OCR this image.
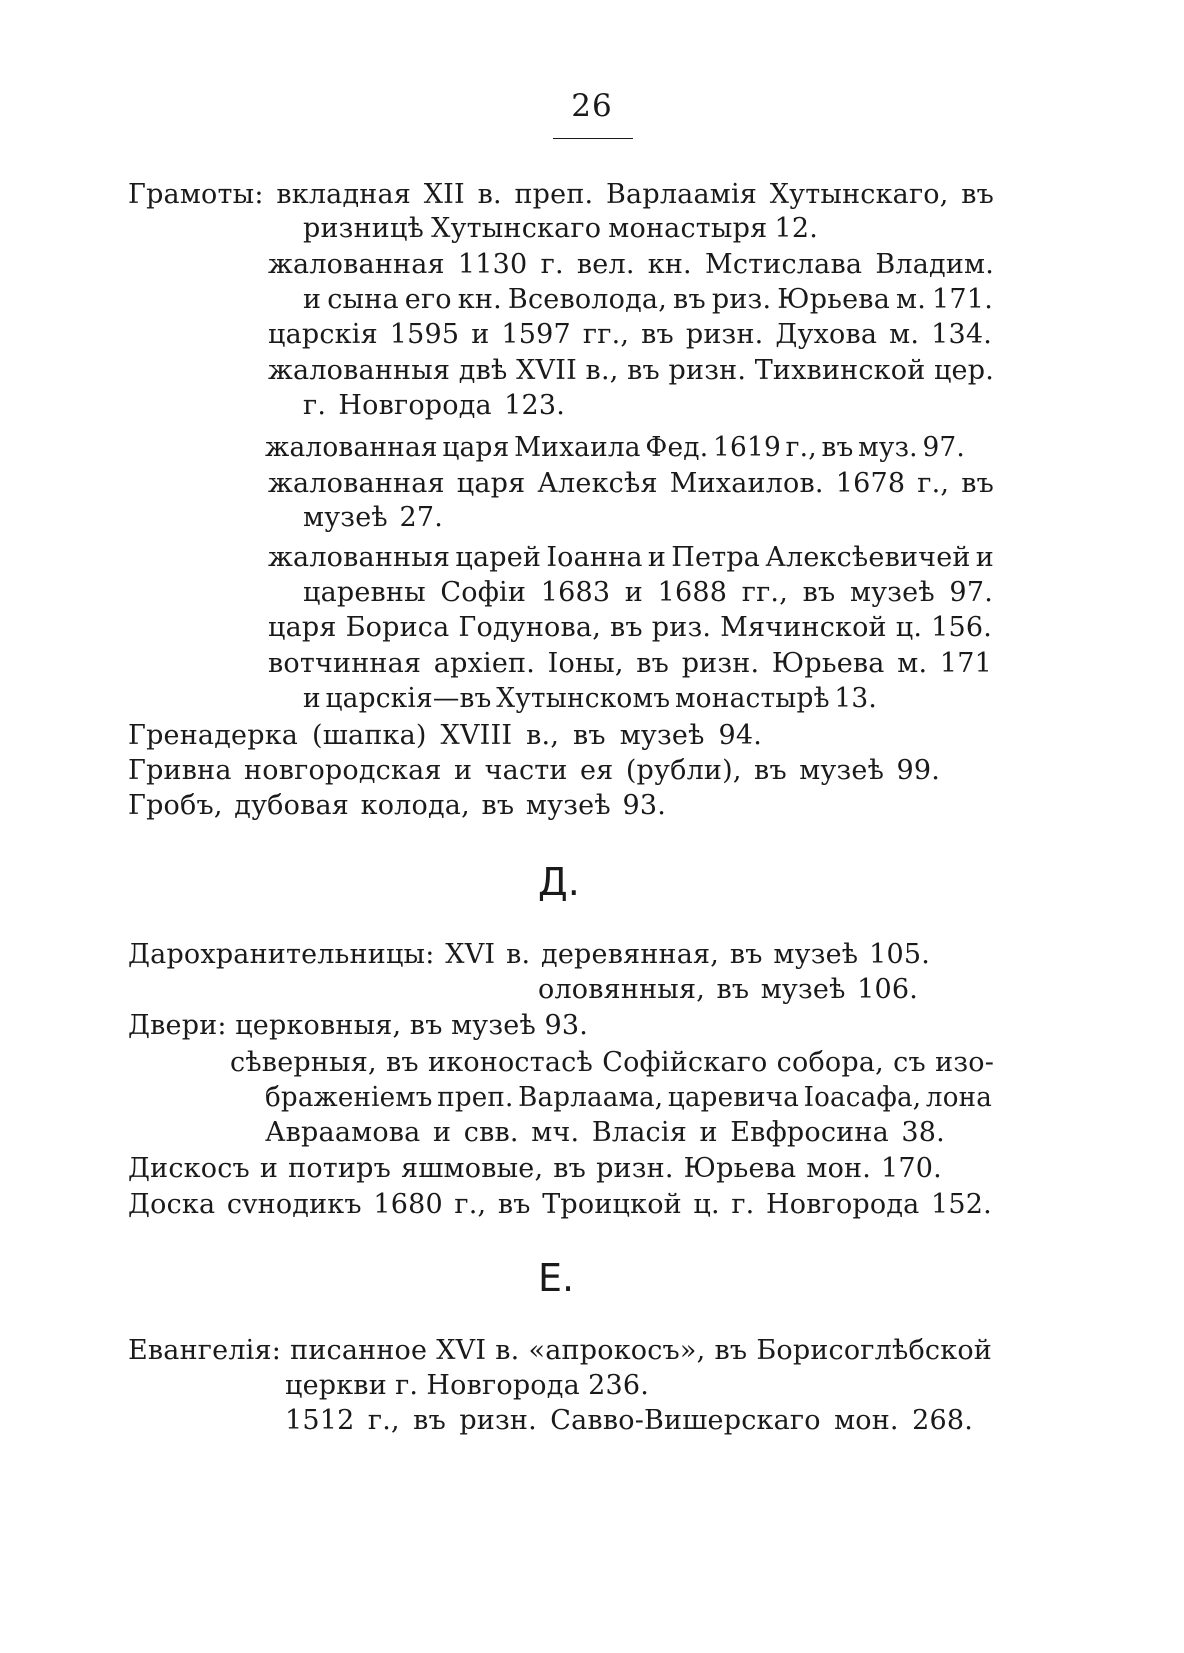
26
Грамоты: вкладная XII в. преп. Варлаамія Хутынскаго, въ
ризницѣ Хутынскаго монастыря 12.
жалованная 1130 г. вел. кн. Мстислава Владим.
и сына его кн. Всеволода, въ риз. Юрьева м. 171.
царскія 1595 и 1597 гг., въ ризн. Духова м. 134.
жалованныя двѣ XVII в., въ ризн. Тихвинской цер.
г. Новгорода 123.
жалованная царя Михаила Фед. 1619 г., въ муз. 97.
жалованная царя Алексѣя Михаилов. 1678 г., въ
музеѣ 27.
жалованныя царей Іоанна и Петра Алексѣевичей и
царевны Софіи 1683 и 1688 гг., въ музеѣ 97.
царя Бориса Годунова, въ риз. Мячинской ц. 156.
вотчинная архіеп. Іоны, въ ризн. Юрьева м. 171
и царскія—въ Хутынскомъ монастырѣ 13.
Гренадерка (шапка) XVIII в., въ музеѣ 94.
Гривна новгородская и части ея (рубли), въ музеѣ 99.
Гробъ, дубовая колода, въ музеѣ 93.
Д.
Дарохранительницы: XVI в. деревянная, въ музеѣ 105.
оловянныя, въ музеѣ 106.
Двери: церковныя, въ музеѣ 93.
сѣверныя, въ иконостасѣ Софійскаго собора, съ изо-
браженіемъ преп. Варлаама, царевича Іоасафа, лона
Авраамова и свв. мч. Власія и Евфросина 38.
Дискосъ и потиръ яшмовые, въ ризн. Юрьева мон. 170.
Доска сvнодикъ 1680 г., въ Троицкой ц. г. Новгорода 152.
Е.
Евангелія: писанное XVI в. «апрокосъ», въ Борисоглѣбской
церкви г. Новгорода 236.
1512 г., въ ризн. Савво-Вишерскаго мон. 268.
